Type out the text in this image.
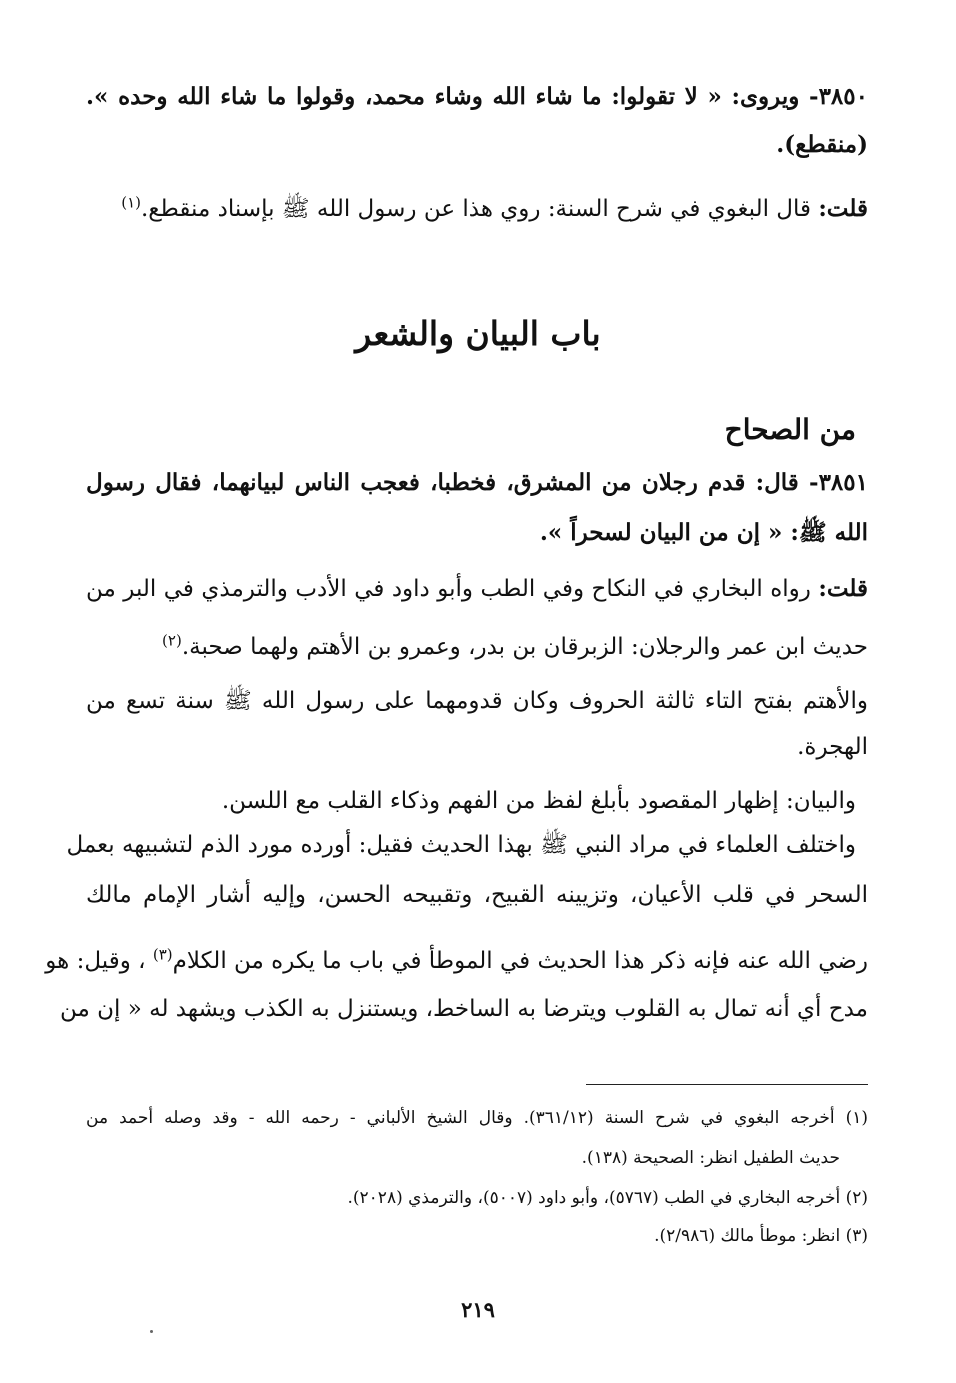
٣٨٥٠- ويروى: « لا تقولوا: ما شاء الله وشاء محمد، وقولوا ما شاء الله وحده ».
(منقطع).
قلت: قال البغوي في شرح السنة: روي هذا عن رسول الله ﷺ بإسناد منقطع.$^{(١)}$
باب البيان والشعر
من الصحاح
٣٨٥١- قال: قدم رجلان من المشرق، فخطبا، فعجب الناس لبيانهما، فقال رسول
الله ﷺ: « إن من البيان لسحراً ».
قلت: رواه البخاري في النكاح وفي الطب وأبو داود في الأدب والترمذي في البر من
حديث ابن عمر والرجلان: الزبرقان بن بدر، وعمرو بن الأهتم ولهما صحبة.$^{(٢)}$
والأهتم بفتح التاء ثالثة الحروف وكان قدومهما على رسول الله ﷺ سنة تسع من
الهجرة.
والبيان: إظهار المقصود بأبلغ لفظ من الفهم وذكاء القلب مع اللسن.
واختلف العلماء في مراد النبي ﷺ بهذا الحديث فقيل: أورده مورد الذم لتشبيهه بعمل
السحر في قلب الأعيان، وتزيينه القبيح، وتقبيحه الحسن، وإليه أشار الإمام مالك
رضي الله عنه فإنه ذكر هذا الحديث في الموطأ في باب ما يكره من الكلام$^{(٣)}$ ، وقيل: هو
مدح أي أنه تمال به القلوب ويترضا به الساخط، ويستنزل به الكذب ويشهد له « إن من
(١) أخرجه البغوي في شرح السنة (٣٦١/١٢). وقال الشيخ الألباني - رحمه الله - وقد وصله أحمد من
حديث الطفيل انظر: الصحيحة (١٣٨).
(٢) أخرجه البخاري في الطب (٥٧٦٧)، وأبو داود (٥٠٠٧)، والترمذي (٢٠٢٨).
(٣) انظر: موطأ مالك (٢/٩٨٦).
٢١٩
